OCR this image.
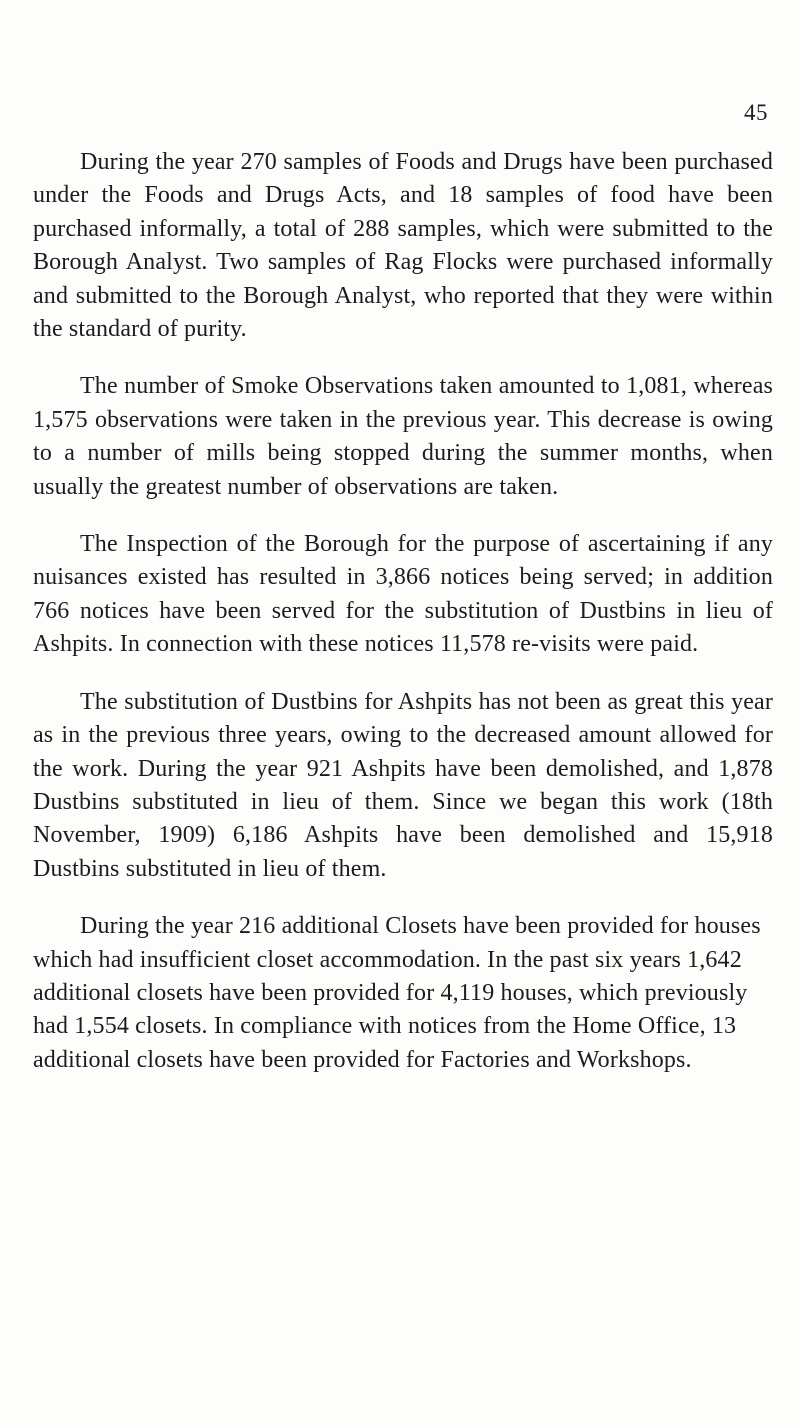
45

During the year 270 samples of Foods and Drugs have been purchased under the Foods and Drugs Acts, and 18 samples of food have been purchased informally, a total of 288 samples, which were submitted to the Borough Analyst. Two samples of Rag Flocks were purchased informally and submitted to the Borough Analyst, who reported that they were within the standard of purity.

The number of Smoke Observations taken amounted to 1,081, whereas 1,575 observations were taken in the previous year. This decrease is owing to a number of mills being stopped during the summer months, when usually the greatest number of observations are taken.

The Inspection of the Borough for the purpose of ascertaining if any nuisances existed has resulted in 3,866 notices being served; in addition 766 notices have been served for the substitution of Dustbins in lieu of Ashpits. In connection with these notices 11,578 re-visits were paid.

The substitution of Dustbins for Ashpits has not been as great this year as in the previous three years, owing to the decreased amount allowed for the work. During the year 921 Ashpits have been demolished, and 1,878 Dustbins substituted in lieu of them. Since we began this work (18th November, 1909) 6,186 Ashpits have been demolished and 15,918 Dustbins substituted in lieu of them.

During the year 216 additional Closets have been provided for houses which had insufficient closet accommodation. In the past six years 1,642 additional closets have been provided for 4,119 houses, which previously had 1,554 closets. In compliance with notices from the Home Office, 13 additional closets have been provided for Factories and Workshops.
